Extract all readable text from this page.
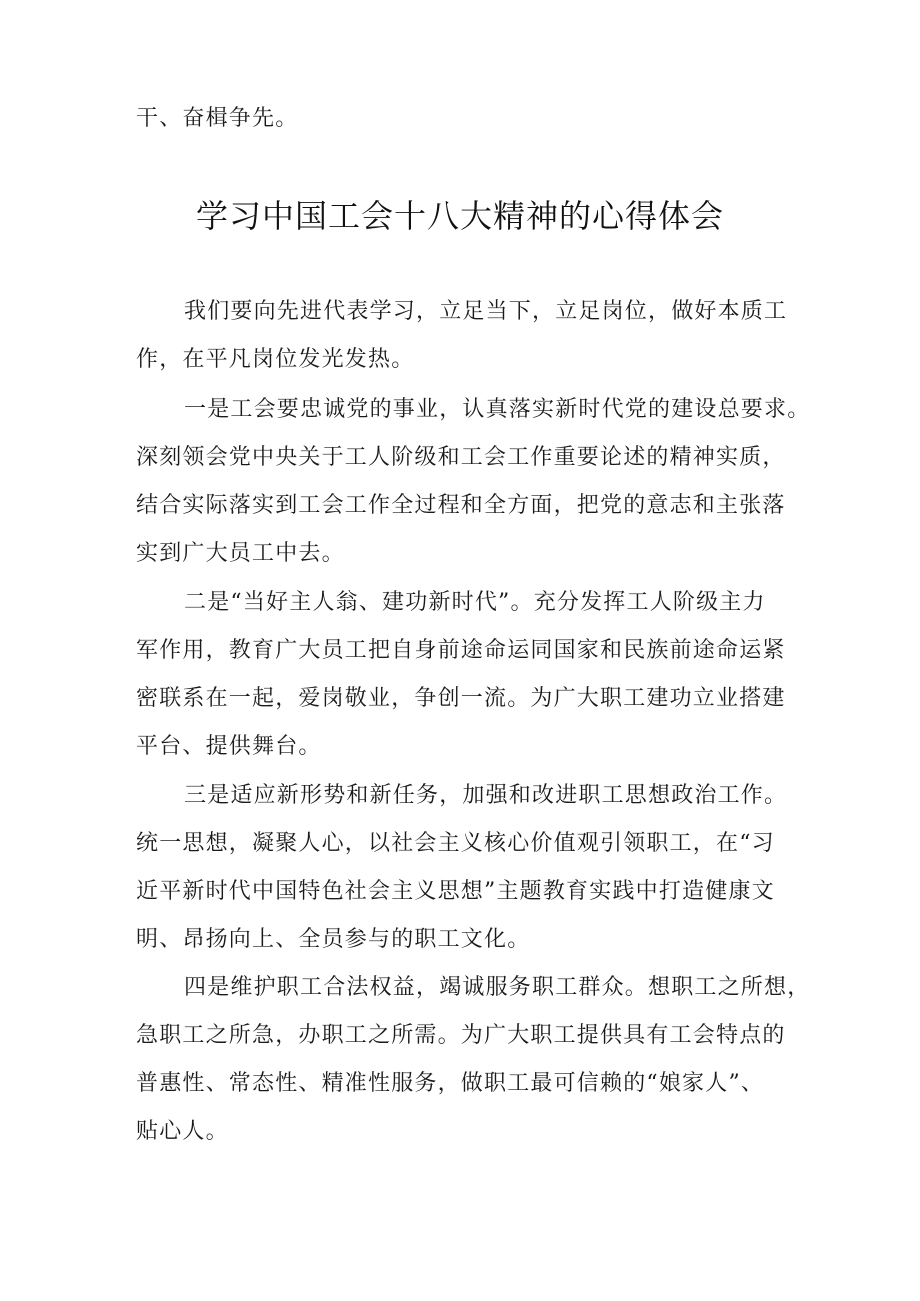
干、奋楫争先。
学习中国工会十八大精神的心得体会
我们要向先进代表学习，立足当下，立足岗位，做好本质工
作，在平凡岗位发光发热。
一是工会要忠诚党的事业，认真落实新时代党的建设总要求。
深刻领会党中央关于工人阶级和工会工作重要论述的精神实质，
结合实际落实到工会工作全过程和全方面，把党的意志和主张落
实到广大员工中去。
二是“当好主人翁、建功新时代”。充分发挥工人阶级主力
军作用，教育广大员工把自身前途命运同国家和民族前途命运紧
密联系在一起，爱岗敬业，争创一流。为广大职工建功立业搭建
平台、提供舞台。
三是适应新形势和新任务，加强和改进职工思想政治工作。
统一思想，凝聚人心，以社会主义核心价值观引领职工，在“习
近平新时代中国特色社会主义思想”主题教育实践中打造健康文
明、昂扬向上、全员参与的职工文化。
四是维护职工合法权益，竭诚服务职工群众。想职工之所想，
急职工之所急，办职工之所需。为广大职工提供具有工会特点的
普惠性、常态性、精准性服务，做职工最可信赖的“娘家人”、
贴心人。
